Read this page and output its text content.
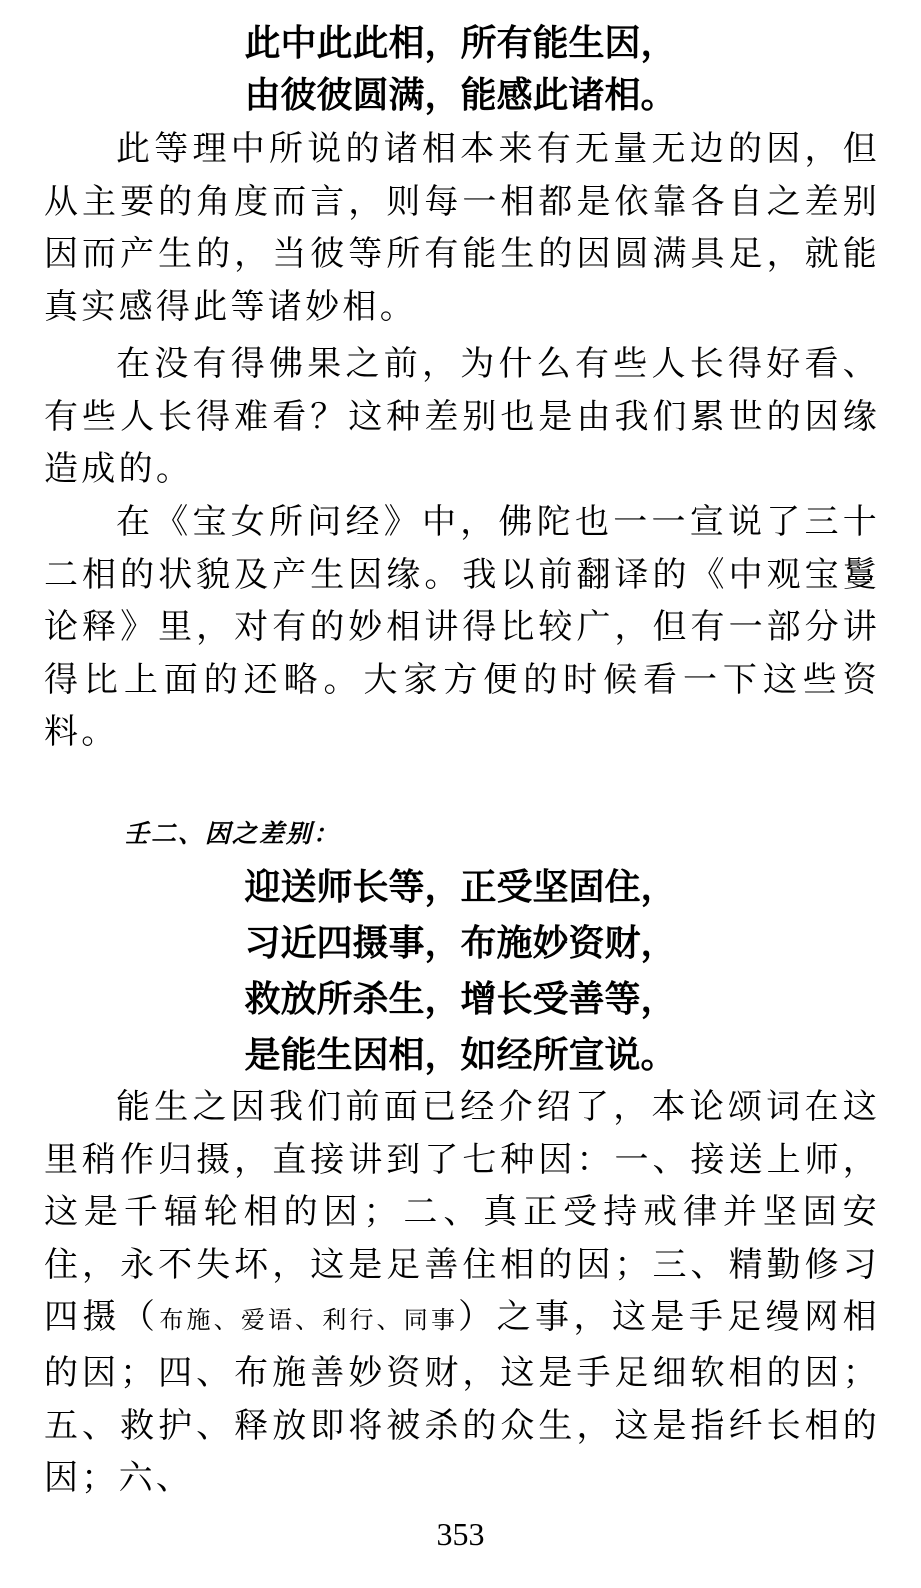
此中此此相，所有能生因，
由彼彼圆满，能感此诸相。

此等理中所说的诸相本来有无量无边的因，但从主要的角度而言，则每一相都是依靠各自之差别因而产生的，当彼等所有能生的因圆满具足，就能真实感得此等诸妙相。

在没有得佛果之前，为什么有些人长得好看、有些人长得难看？这种差别也是由我们累世的因缘造成的。

在《宝女所问经》中，佛陀也一一宣说了三十二相的状貌及产生因缘。我以前翻译的《中观宝鬘论释》里，对有的妙相讲得比较广，但有一部分讲得比上面的还略。大家方便的时候看一下这些资料。

壬二、因之差别：
迎送师长等，正受坚固住，
习近四摄事，布施妙资财，
救放所杀生，增长受善等，
是能生因相，如经所宣说。

能生之因我们前面已经介绍了，本论颂词在这里稍作归摄，直接讲到了七种因：一、接送上师，这是千辐轮相的因；二、真正受持戒律并坚固安住，永不失坏，这是足善住相的因；三、精勤修习四摄（布施、爱语、利行、同事）之事，这是手足缦网相的因；四、布施善妙资财，这是手足细软相的因；五、救护、释放即将被杀的众生，这是指纤长相的因；六、

353
